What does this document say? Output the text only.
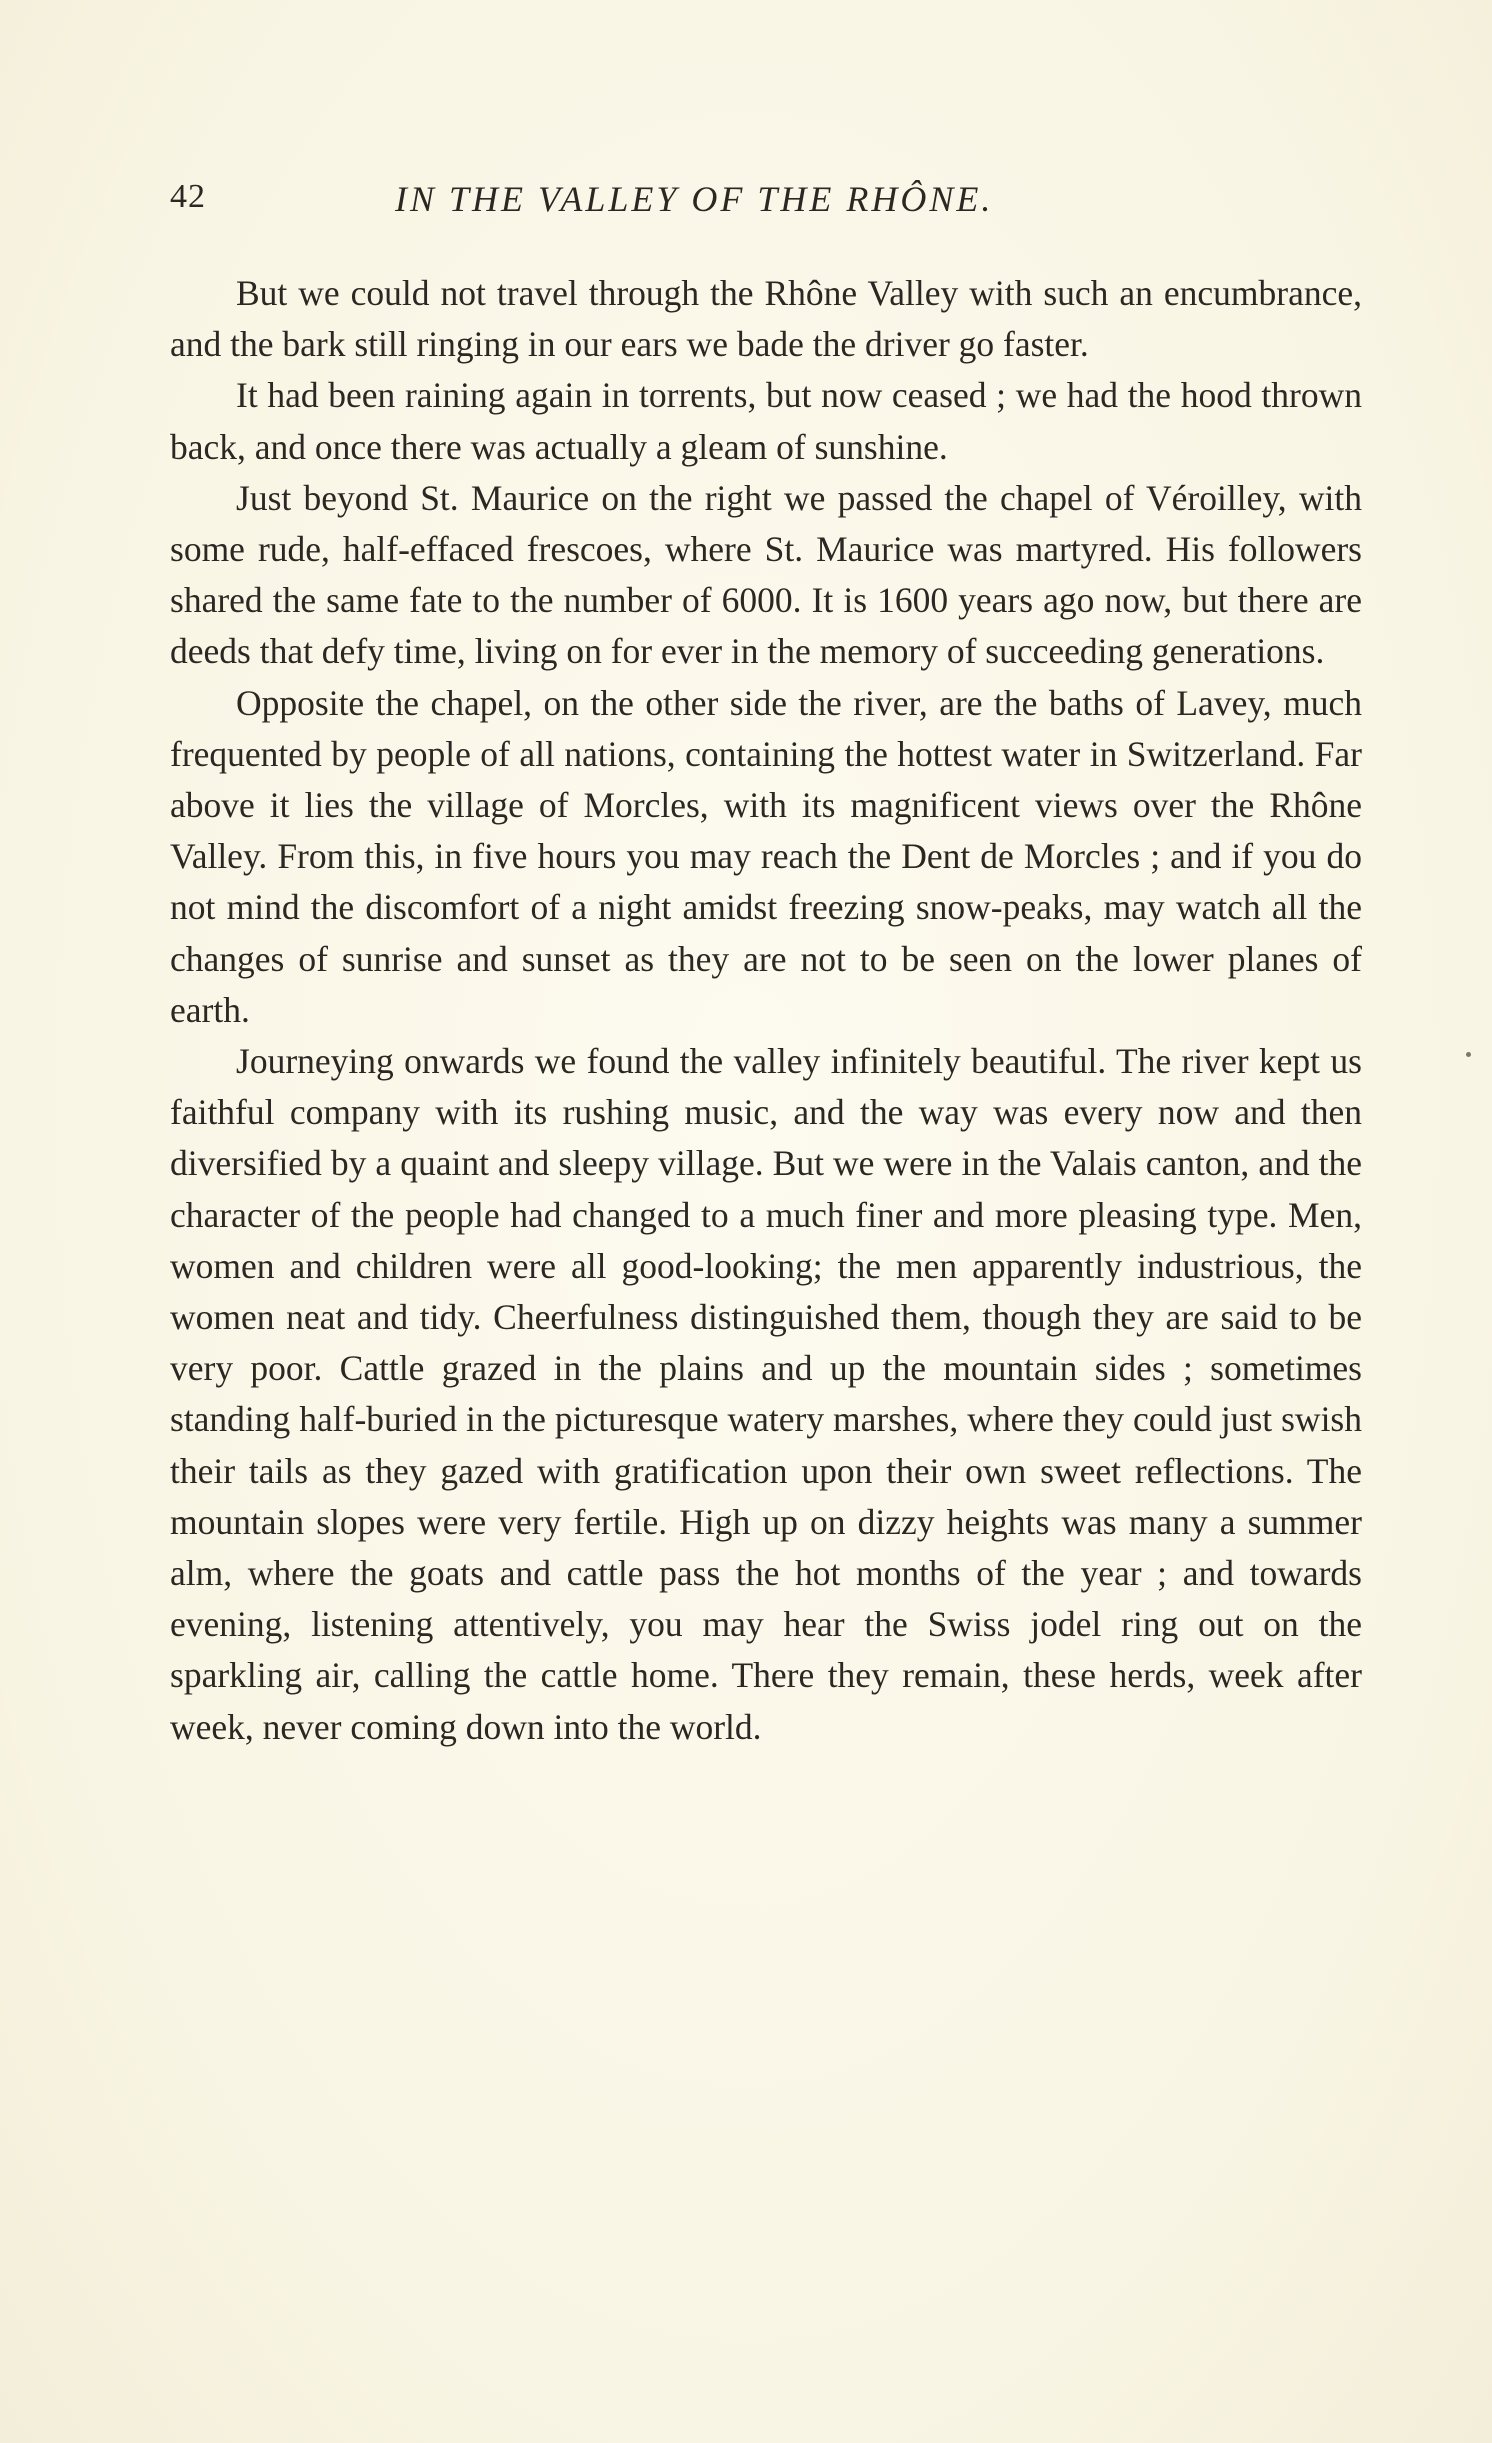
42	IN THE VALLEY OF THE RHÔNE.

But we could not travel through the Rhône Valley with such an encumbrance, and the bark still ringing in our ears we bade the driver go faster.

It had been raining again in torrents, but now ceased ; we had the hood thrown back, and once there was actually a gleam of sunshine.

Just beyond St. Maurice on the right we passed the chapel of Véroilley, with some rude, half-effaced frescoes, where St. Maurice was martyred. His followers shared the same fate to the number of 6000. It is 1600 years ago now, but there are deeds that defy time, living on for ever in the memory of succeeding generations.

Opposite the chapel, on the other side the river, are the baths of Lavey, much frequented by people of all nations, containing the hottest water in Switzerland. Far above it lies the village of Morcles, with its magnificent views over the Rhône Valley. From this, in five hours you may reach the Dent de Morcles ; and if you do not mind the discomfort of a night amidst freezing snow-peaks, may watch all the changes of sunrise and sunset as they are not to be seen on the lower planes of earth.

Journeying onwards we found the valley infinitely beautiful. The river kept us faithful company with its rushing music, and the way was every now and then diversified by a quaint and sleepy village. But we were in the Valais canton, and the character of the people had changed to a much finer and more pleasing type. Men, women and children were all good-looking; the men apparently industrious, the women neat and tidy. Cheerfulness distinguished them, though they are said to be very poor. Cattle grazed in the plains and up the mountain sides ; sometimes standing half-buried in the picturesque watery marshes, where they could just swish their tails as they gazed with gratification upon their own sweet reflections. The mountain slopes were very fertile. High up on dizzy heights was many a summer alm, where the goats and cattle pass the hot months of the year ; and towards evening, listening attentively, you may hear the Swiss jodel ring out on the sparkling air, calling the cattle home. There they remain, these herds, week after week, never coming down into the world.
